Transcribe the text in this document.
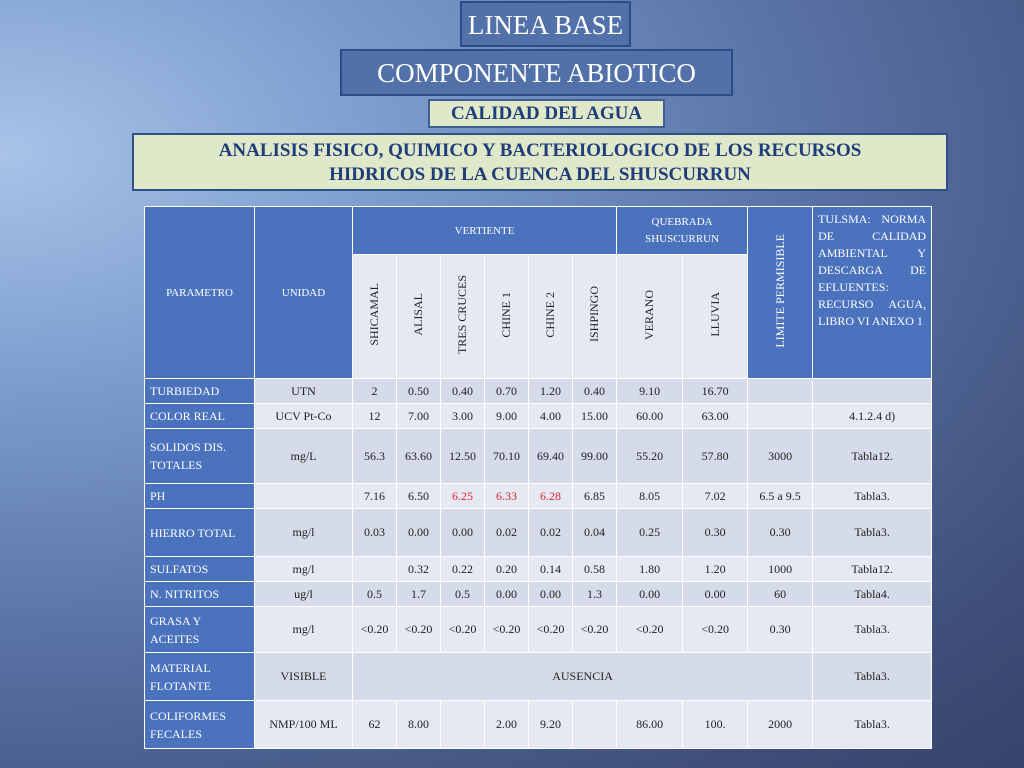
LINEA BASE
COMPONENTE ABIOTICO
CALIDAD DEL AGUA
ANALISIS FISICO, QUIMICO Y BACTERIOLOGICO DE LOS RECURSOS
HIDRICOS DE LA CUENCA DEL SHUSCURRUN
PARAMETRO	UNIDAD	VERTIENTE						QUEBRADA SHUSCURRUN		LIMITE PERMISIBLE	TULSMA: NORMA DE CALIDAD AMBIENTAL Y DESCARGA DE EFLUENTES: RECURSO AGUA, LIBRO VI ANEXO 1
		SHICAMAL	ALISAL	TRES CRUCES	CHINE 1	CHINE 2	ISHPINGO	VERANO	LLUVIA		
TURBIEDAD	UTN	2	0.50	0.40	0.70	1.20	0.40	9.10	16.70		
COLOR REAL	UCV Pt-Co	12	7.00	3.00	9.00	4.00	15.00	60.00	63.00		4.1.2.4 d)
SOLIDOS DIS. TOTALES	mg/L	56.3	63.60	12.50	70.10	69.40	99.00	55.20	57.80	3000	Tabla12.
PH		7.16	6.50	6.25	6.33	6.28	6.85	8.05	7.02	6.5 a 9.5	Tabla3.
HIERRO TOTAL	mg/l	0.03	0.00	0.00	0.02	0.02	0.04	0.25	0.30	0.30	Tabla3.
SULFATOS	mg/l		0.32	0.22	0.20	0.14	0.58	1.80	1.20	1000	Tabla12.
N. NITRITOS	ug/l	0.5	1.7	0.5	0.00	0.00	1.3	0.00	0.00	60	Tabla4.
GRASA Y ACEITES	mg/l	<0.20	<0.20	<0.20	<0.20	<0.20	<0.20	<0.20	<0.20	0.30	Tabla3.
MATERIAL FLOTANTE	VISIBLE	AUSENCIA									Tabla3.
COLIFORMES FECALES	NMP/100 ML	62	8.00		2.00	9.20		86.00	100.	2000	Tabla3.
